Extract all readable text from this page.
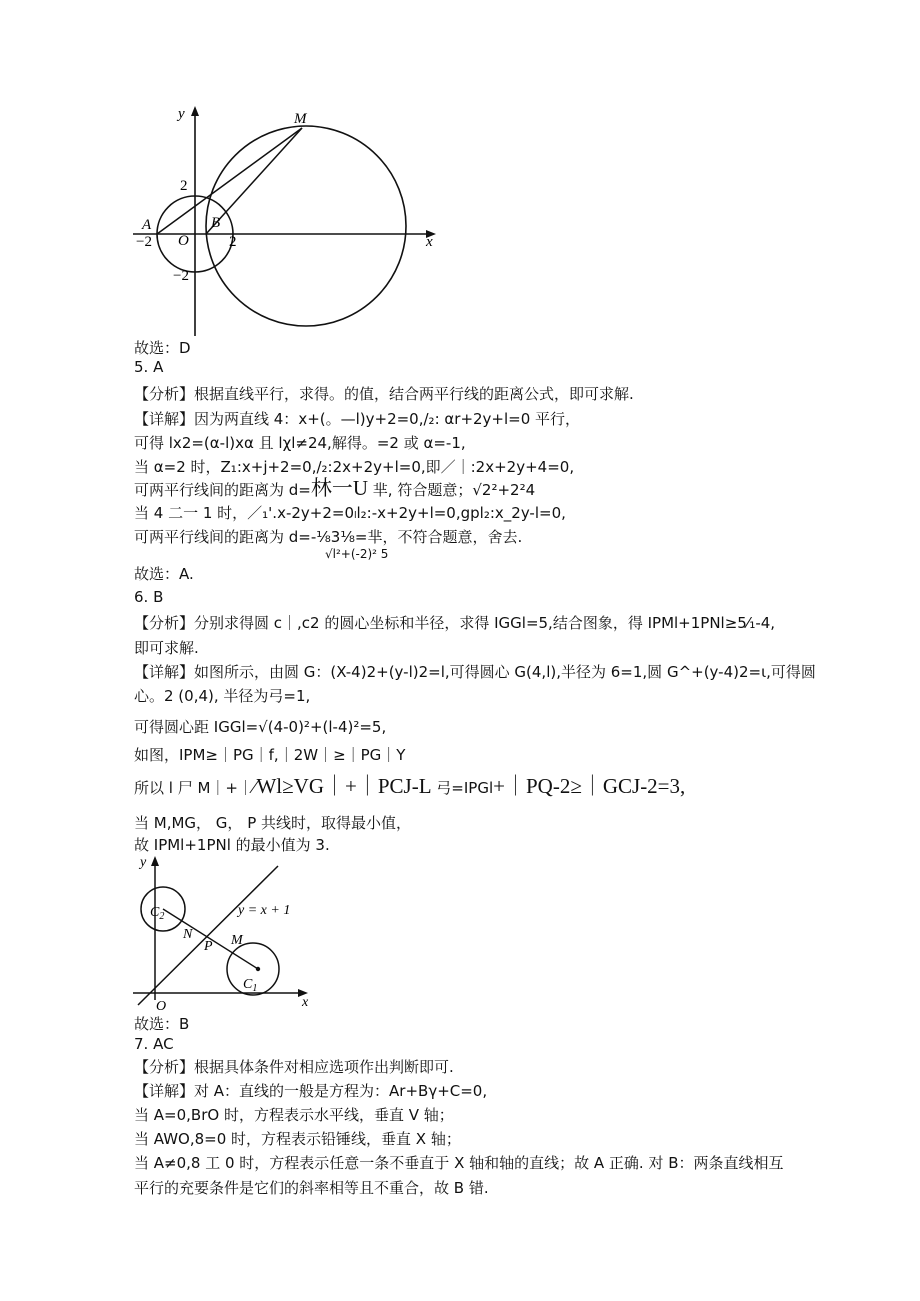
x
y	M
A	B
O
−2	2
2
−2
故选：D
5. A
【分析】根据直线平行，求得。的值，结合两平行线的距离公式，即可求解.
【详解】因为两直线 4：x+(。—l)y+2=0,/₂: αr+2y+l=0 平行，
可得 lx2=(α-l)xα 且 lχl≠24,解得。=2 或 α=-1,
当 α=2 时，Z₁:x+j+2=0,/₂:2x+2y+l=0,即／｜:2x+2y+4=0,
可两平行线间的距离为 d=林一U 芈, 符合题意；√2²+2²4
当 4 二一 1 时，／₁'.x-2y+2=0ₗl₂:-x+2y+l=0,gpl₂:x_2y-l=0,
可两平行线间的距离为 d=-⅛3⅛=芈，不符合题意，舍去.
√l²+(-2)² 5
故选：A.
6. B
【分析】分别求得圆 c｜,c2 的圆心坐标和半径，求得 IGGl=5,结合图象，得 IPMl+1PNl≥5⁄₁-4,
即可求解.
【详解】如图所示，由圆 G：(X-4)2+(y-l)2=l,可得圆心 G(4,l),半径为 6=1,圆 G^+(y-4)2=ι,可得圆
心。2 (0,4), 半径为弓=1,
可得圆心距 IGGl=√(4-0)²+(l-4)²=5,
如图，IPM≥｜PG｜f,｜2W｜≥｜PG｜Y
所以 l 尸 M｜+｜⁄Wl≥VG｜+｜PCJ-L 弓=IPGl+｜PQ-2≥｜GCJ-2=3,
当 M,MG， G， P 共线时，取得最小值，
故 IPMl+1PNl 的最小值为 3.
y
x
O
$C_2$
$C_1$
N
P M
y = x + 1
故选：B
7. AC
【分析】根据具体条件对相应选项作出判断即可.
【详解】对 A：直线的一般是方程为：Ar+Bγ+C=0,
当 A=0,BrO 时，方程表示水平线，垂直 V 轴；
当 AWO,8=0 时，方程表示铅锤线，垂直 X 轴；
当 A≠0,8 工 0 时，方程表示任意一条不垂直于 X 轴和轴的直线；故 A 正确. 对 B：两条直线相互
平行的充要条件是它们的斜率相等且不重合，故 B 错.
